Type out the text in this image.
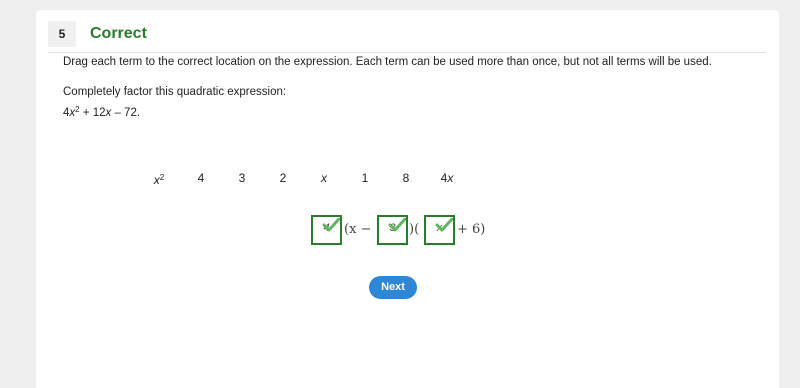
5	Correct
Drag each term to the correct location on the expression. Each term can be used more than once, but not all terms will be used.
Completely factor this quadratic expression:
$4x^2 + 12x - 72$.
$x^2$	4	3	2	x	1	8	4x
4	(x −	3	)(	x	+ 6)
Next
